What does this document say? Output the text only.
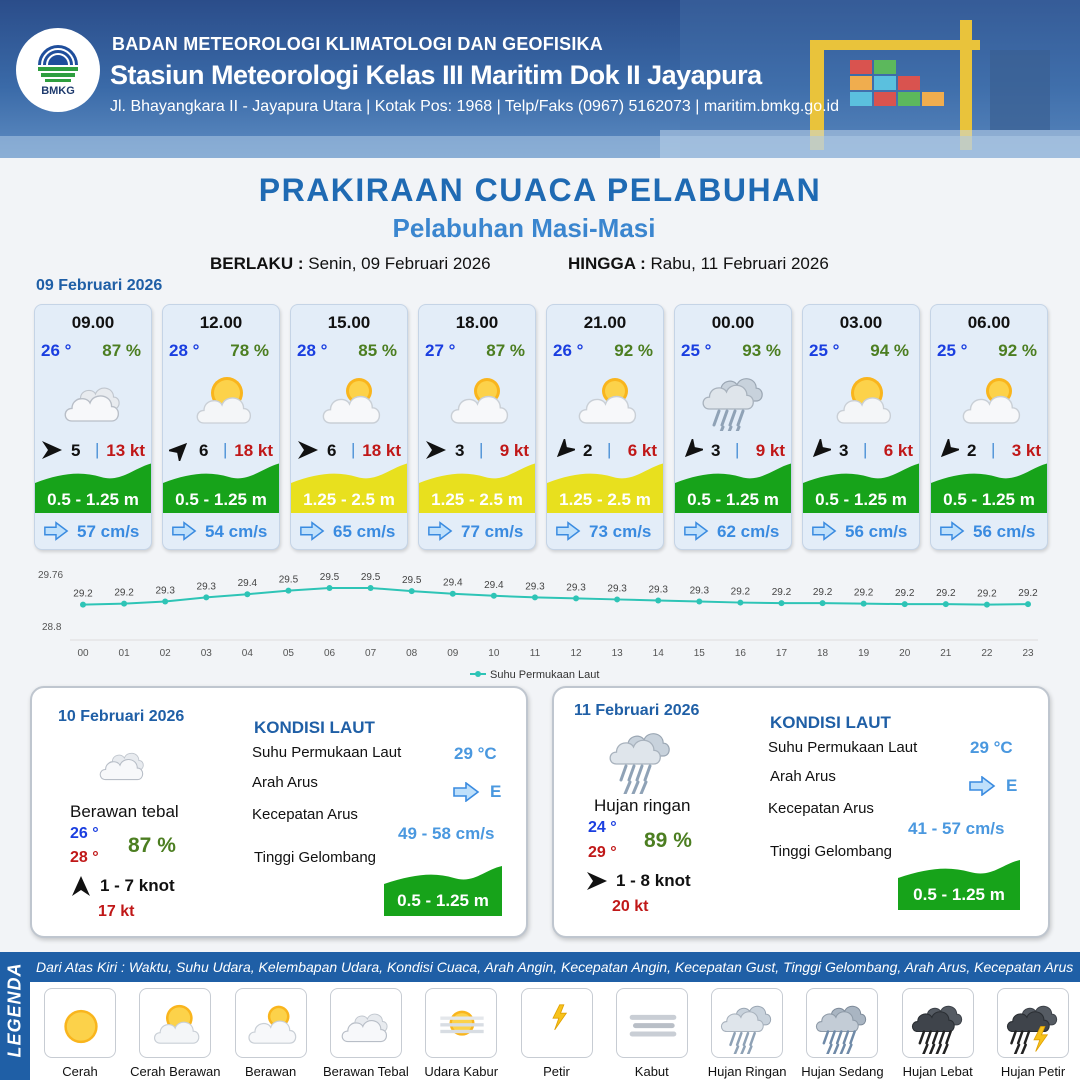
BMKG
BADAN METEOROLOGI KLIMATOLOGI DAN GEOFISIKA
Stasiun Meteorologi Kelas III Maritim Dok II Jayapura
Jl. Bhayangkara II - Jayapura Utara | Kotak Pos: 1968 | Telp/Faks (0967) 5162073 | maritim.bmkg.go.id
PRAKIRAAN CUACA PELABUHAN
Pelabuhan Masi-Masi
BERLAKU : Senin, 09 Februari 2026	HINGGA : Rabu, 11 Februari 2026
09 Februari 2026
09.00
26 ° 87 %
5 | 13 kt
0.5 - 1.25 m
57 cm/s
12.00
28 ° 78 %
6 | 18 kt
0.5 - 1.25 m
54 cm/s
15.00
28 ° 85 %
6 | 18 kt
1.25 - 2.5 m
65 cm/s
18.00
27 ° 87 %
3 | 9 kt
1.25 - 2.5 m
77 cm/s
21.00
26 ° 92 %
2 | 6 kt
1.25 - 2.5 m
73 cm/s
00.00
25 ° 93 %
3 | 9 kt
0.5 - 1.25 m
62 cm/s
03.00
25 ° 94 %
3 | 6 kt
0.5 - 1.25 m
56 cm/s
06.00
25 ° 92 %
2 | 3 kt
0.5 - 1.25 m
56 cm/s
29.76
28.8
29.2
00
29.2
01
29.3
02
29.3
03
29.4
04
29.5
05
29.5
06
29.5
07
29.5
08
29.4
09
29.4
10
29.3
11
29.3
12
29.3
13
29.3
14
29.3
15
29.2
16
29.2
17
29.2
18
29.2
19
29.2
20
29.2
21
29.2
22
29.2
23
Suhu Permukaan Laut
10 Februari 2026
Berawan tebal
26 °
28 °
87 %
1 - 7 knot
17 kt
KONDISI LAUT
Suhu Permukaan Laut	29 °C
Arah Arus	E
Kecepatan Arus
49 - 58 cm/s
Tinggi Gelombang
0.5 - 1.25 m
11 Februari 2026
Hujan ringan
24 °
29 °
89 %
1 - 8 knot
20 kt
KONDISI LAUT
Suhu Permukaan Laut	29 °C
Arah Arus	E
Kecepatan Arus
41 - 57 cm/s
Tinggi Gelombang
0.5 - 1.25 m
LEGENDA Dari Atas Kiri : Waktu, Suhu Udara, Kelembapan Udara, Kondisi Cuaca, Arah Angin, Kecepatan Angin, Kecepatan Gust, Tinggi Gelombang, Arah Arus, Kecepatan Arus
Cerah	Cerah Berawan	Berawan	Berawan Tebal	Udara Kabur	Petir	Kabut	Hujan Ringan	Hujan Sedang	Hujan Lebat	Hujan Petir
